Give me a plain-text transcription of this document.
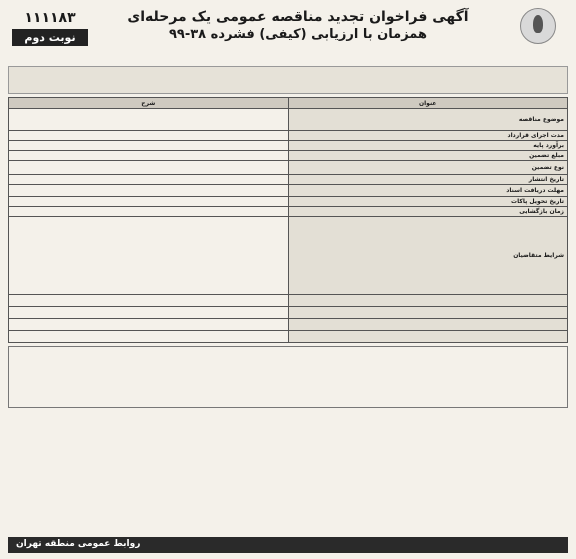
آگهی فراخوان تجدید مناقصه عمومی یک مرحله‌ای
همزمان با ارزیابی (کیفی) فشرده ۳۸-۹۹
۱۱۱۱۸۳
نوبت دوم
عنوان	شرح
موضوع مناقصه	
مدت اجرای قرارداد	
برآورد پایه	
مبلغ تضمین	
نوع تضمین	
تاریخ انتشار	
مهلت دریافت اسناد	
تاریخ تحویل پاکات	
زمان بازگشایی	
شرایط متقاضیان	

روابط عمومی منطقه تهران
